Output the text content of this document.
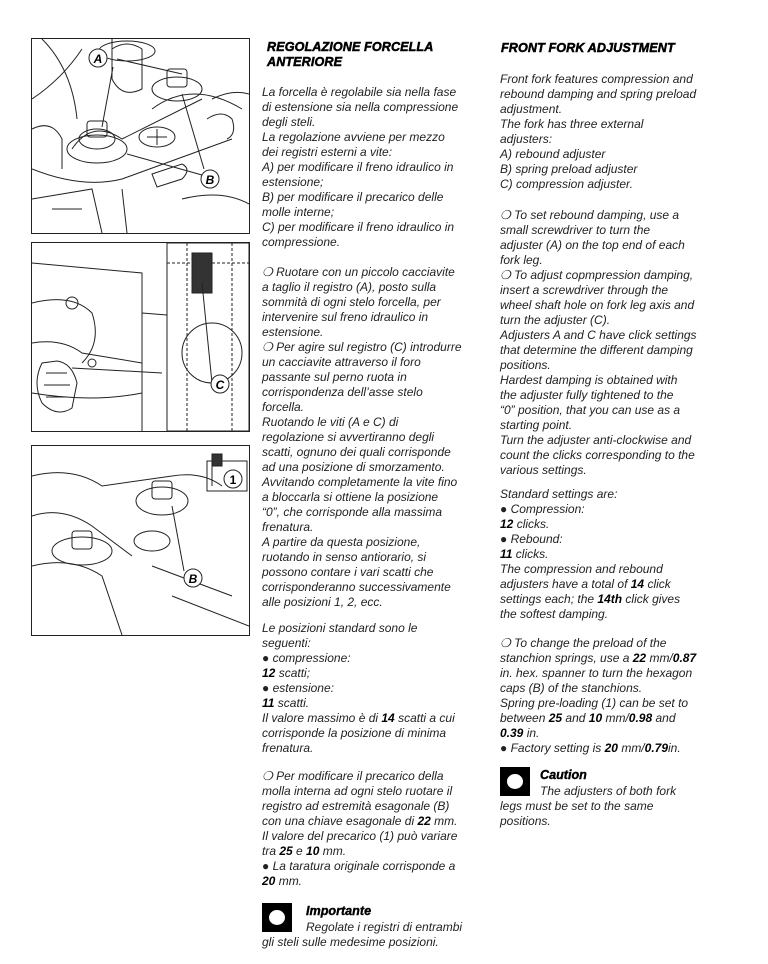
A
B
C
1
B
REGOLAZIONE FORCELLA
ANTERIORE
La forcella è regolabile sia nella fase
di estensione sia nella compressione
degli steli.
La regolazione avviene per mezzo
dei registri esterni a vite:
A) per modificare il freno idraulico in
estensione;
B) per modificare il precarico delle
molle interne;
C) per modificare il freno idraulico in
compressione.
❍ Ruotare con un piccolo cacciavite
a taglio il registro (A), posto sulla
sommità di ogni stelo forcella, per
intervenire sul freno idraulico in
estensione.
❍ Per agire sul registro (C) introdurre
un cacciavite attraverso il foro
passante sul perno ruota in
corrispondenza dell’asse stelo
forcella.
Ruotando le viti (A e C) di
regolazione si avvertiranno degli
scatti, ognuno dei quali corrisponde
ad una posizione di smorzamento.
Avvitando completamente la vite fino
a bloccarla si ottiene la posizione
“0”, che corrisponde alla massima
frenatura.
A partire da questa posizione,
ruotando in senso antiorario, si
possono contare i vari scatti che
corrisponderanno successivamente
alle posizioni 1, 2, ecc.
Le posizioni standard sono le
seguenti:
● compressione:
12 scatti;
● estensione:
11 scatti.
Il valore massimo è di 14 scatti a cui
corrisponde la posizione di minima
frenatura.
❍ Per modificare il precarico della
molla interna ad ogni stelo ruotare il
registro ad estremità esagonale (B)
con una chiave esagonale di 22 mm.
Il valore del precarico (1) può variare
tra 25 e 10 mm.
● La taratura originale corrisponde a
20 mm.
Importante
Regolate i registri di entrambi
gli steli sulle medesime posizioni.
FRONT FORK ADJUSTMENT
Front fork features compression and
rebound damping and spring preload
adjustment.
The fork has three external
adjusters:
A) rebound adjuster
B) spring preload adjuster
C) compression adjuster.
❍ To set rebound damping, use a
small screwdriver to turn the
adjuster (A) on the top end of each
fork leg.
❍ To adjust copmpression damping,
insert a screwdriver through the
wheel shaft hole on fork leg axis and
turn the adjuster (C).
Adjusters A and C have click settings
that determine the different damping
positions.
Hardest damping is obtained with
the adjuster fully tightened to the
“0” position, that you can use as a
starting point.
Turn the adjuster anti-clockwise and
count the clicks corresponding to the
various settings.
Standard settings are:
● Compression:
12 clicks.
● Rebound:
11 clicks.
The compression and rebound
adjusters have a total of 14 click
settings each; the 14th click gives
the softest damping.
❍ To change the preload of the
stanchion springs, use a 22 mm/0.87
in. hex. spanner to turn the hexagon
caps (B) of the stanchions.
Spring pre-loading (1) can be set to
between 25 and 10 mm/0.98 and
0.39 in.
● Factory setting is 20 mm/0.79in.
Caution
The adjusters of both fork
legs must be set to the same
positions.
